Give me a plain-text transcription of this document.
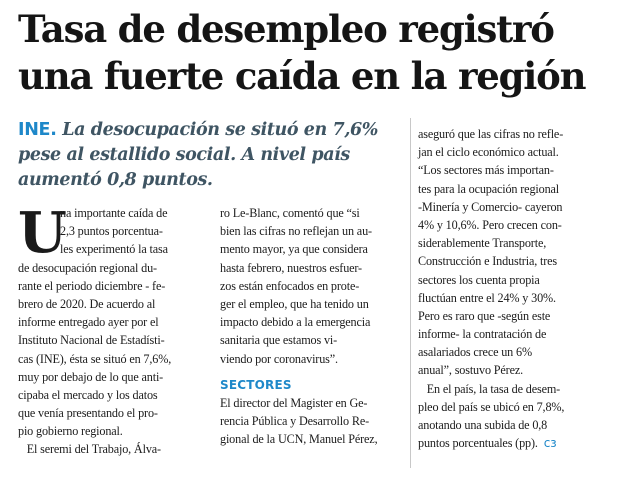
Tasa de desempleo registró
una fuerte caída en la región
INE. La desocupación se situó en 7,6%
pese al estallido social. A nivel país
aumentó 0,8 puntos.
U
na importante caída de
2,3 puntos porcentua-
les experimentó la tasa
de desocupación regional du-
rante el periodo diciembre - fe-
brero de 2020. De acuerdo al
informe entregado ayer por el
Instituto Nacional de Estadísti-
cas (INE), ésta se situó en 7,6%,
muy por debajo de lo que anti-
cipaba el mercado y los datos
que venía presentando el pro-
pio gobierno regional.
El seremi del Trabajo, Álva-
ro Le-Blanc, comentó que “si
bien las cifras no reflejan un au-
mento mayor, ya que considera
hasta febrero, nuestros esfuer-
zos están enfocados en prote-
ger el empleo, que ha tenido un
impacto debido a la emergencia
sanitaria que estamos vi-
viendo por coronavirus”.
SECTORES
El director del Magister en Ge-
rencia Pública y Desarrollo Re-
gional de la UCN, Manuel Pérez,
aseguró que las cifras no refle-
jan el ciclo económico actual.
“Los sectores más importan-
tes para la ocupación regional
-Minería y Comercio- cayeron
4% y 10,6%. Pero crecen con-
siderablemente Transporte,
Construcción e Industria, tres
sectores los cuenta propia
fluctúan entre el 24% y 30%.
Pero es raro que -según este
informe- la contratación de
asalariados crece un 6%
anual”, sostuvo Pérez.
En el país, la tasa de desem-
pleo del país se ubicó en 7,8%,
anotando una subida de 0,8
puntos porcentuales (pp). cз
